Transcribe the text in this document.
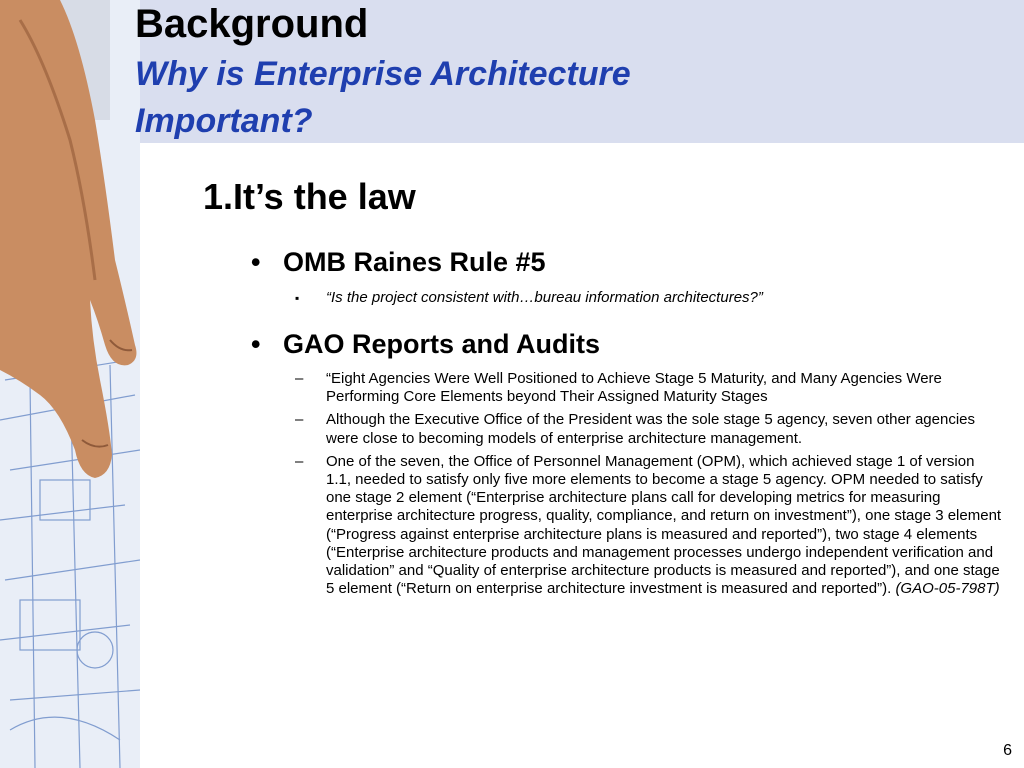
Background

Why is Enterprise Architecture

Important?

1.It’s the law

• OMB Raines Rule #5
▪ “Is the project consistent with…bureau information architectures?”
• GAO Reports and Audits
– “Eight Agencies Were Well Positioned to Achieve Stage 5 Maturity, and Many Agencies Were Performing Core Elements beyond Their Assigned Maturity Stages
– Although the Executive Office of the President was the sole stage 5 agency, seven other agencies were close to becoming models of enterprise architecture management.
– One of the seven, the Office of Personnel Management (OPM), which achieved stage 1 of version 1.1, needed to satisfy only five more elements to become a stage 5 agency. OPM needed to satisfy one stage 2 element (“Enterprise architecture plans call for developing metrics for measuring enterprise architecture progress, quality, compliance, and return on investment”), one stage 3 element (“Progress against enterprise architecture plans is measured and reported”), two stage 4 elements (“Enterprise architecture products and management processes undergo independent verification and validation” and “Quality of enterprise architecture products is measured and reported”), and one stage 5 element (“Return on enterprise architecture investment is measured and reported”). (GAO-05-798T)
6
